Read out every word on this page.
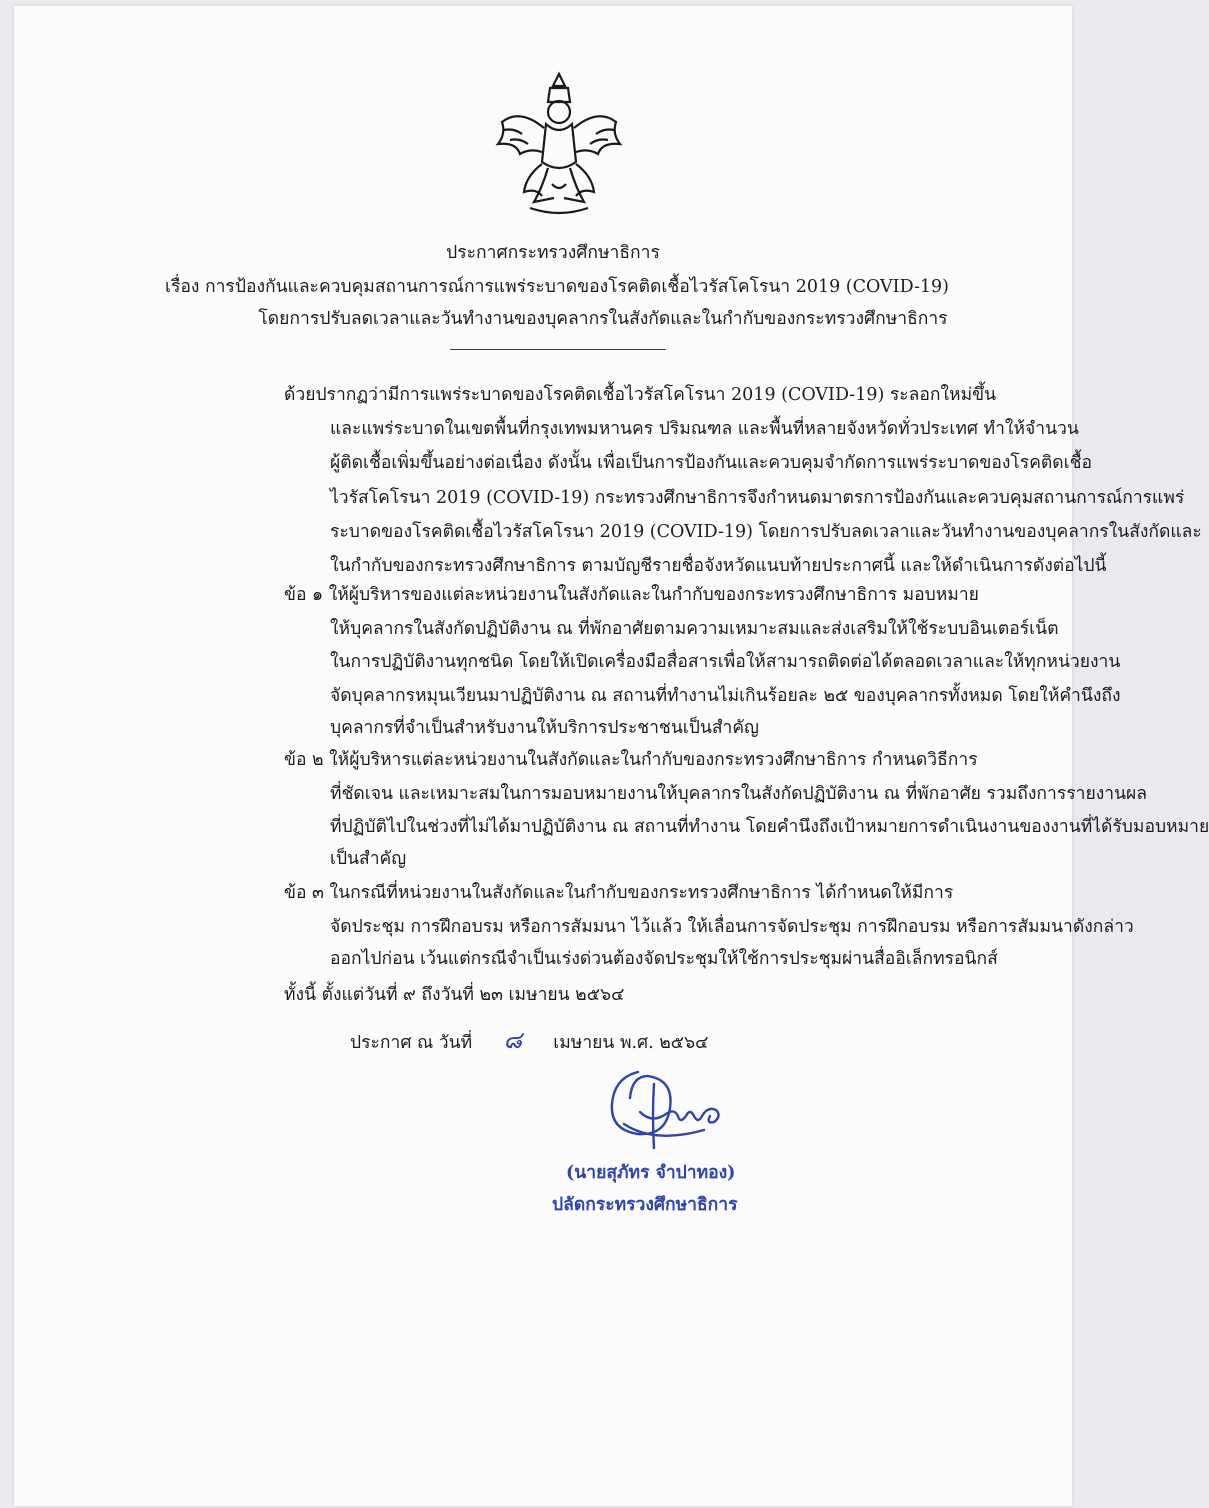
ประกาศกระทรวงศึกษาธิการ
เรื่อง การป้องกันและควบคุมสถานการณ์การแพร่ระบาดของโรคติดเชื้อไวรัสโคโรนา 2019 (COVID-19)
โดยการปรับลดเวลาและวันทำงานของบุคลากรในสังกัดและในกำกับของกระทรวงศึกษาธิการ
ด้วยปรากฏว่ามีการแพร่ระบาดของโรคติดเชื้อไวรัสโคโรนา 2019 (COVID-19) ระลอกใหม่ขึ้น
และแพร่ระบาดในเขตพื้นที่กรุงเทพมหานคร ปริมณฑล และพื้นที่หลายจังหวัดทั่วประเทศ ทำให้จำนวน
ผู้ติดเชื้อเพิ่มขึ้นอย่างต่อเนื่อง ดังนั้น เพื่อเป็นการป้องกันและควบคุมจำกัดการแพร่ระบาดของโรคติดเชื้อ
ไวรัสโคโรนา 2019 (COVID-19) กระทรวงศึกษาธิการจึงกำหนดมาตรการป้องกันและควบคุมสถานการณ์การแพร่
ระบาดของโรคติดเชื้อไวรัสโคโรนา 2019 (COVID-19) โดยการปรับลดเวลาและวันทำงานของบุคลากรในสังกัดและ
ในกำกับของกระทรวงศึกษาธิการ ตามบัญชีรายชื่อจังหวัดแนบท้ายประกาศนี้ และให้ดำเนินการดังต่อไปนี้
ข้อ ๑ ให้ผู้บริหารของแต่ละหน่วยงานในสังกัดและในกำกับของกระทรวงศึกษาธิการ มอบหมาย
ให้บุคลากรในสังกัดปฏิบัติงาน ณ ที่พักอาศัยตามความเหมาะสมและส่งเสริมให้ใช้ระบบอินเตอร์เน็ต
ในการปฏิบัติงานทุกชนิด โดยให้เปิดเครื่องมือสื่อสารเพื่อให้สามารถติดต่อได้ตลอดเวลาและให้ทุกหน่วยงาน
จัดบุคลากรหมุนเวียนมาปฏิบัติงาน ณ สถานที่ทำงานไม่เกินร้อยละ ๒๕ ของบุคลากรทั้งหมด โดยให้คำนึงถึง
บุคลากรที่จำเป็นสำหรับงานให้บริการประชาชนเป็นสำคัญ
ข้อ ๒ ให้ผู้บริหารแต่ละหน่วยงานในสังกัดและในกำกับของกระทรวงศึกษาธิการ กำหนดวิธีการ
ที่ชัดเจน และเหมาะสมในการมอบหมายงานให้บุคลากรในสังกัดปฏิบัติงาน ณ ที่พักอาศัย รวมถึงการรายงานผล
ที่ปฏิบัติไปในช่วงที่ไม่ได้มาปฏิบัติงาน ณ สถานที่ทำงาน โดยคำนึงถึงเป้าหมายการดำเนินงานของงานที่ได้รับมอบหมาย
เป็นสำคัญ
ข้อ ๓ ในกรณีที่หน่วยงานในสังกัดและในกำกับของกระทรวงศึกษาธิการ ได้กำหนดให้มีการ
จัดประชุม การฝึกอบรม หรือการสัมมนา ไว้แล้ว ให้เลื่อนการจัดประชุม การฝึกอบรม หรือการสัมมนาดังกล่าว
ออกไปก่อน เว้นแต่กรณีจำเป็นเร่งด่วนต้องจัดประชุมให้ใช้การประชุมผ่านสื่ออิเล็กทรอนิกส์
ทั้งนี้ ตั้งแต่วันที่ ๙ ถึงวันที่ ๒๓ เมษายน ๒๕๖๔
ประกาศ ณ วันที่ ๘ เมษายน พ.ศ. ๒๕๖๔
(นายสุภัทร จำปาทอง)
ปลัดกระทรวงศึกษาธิการ
